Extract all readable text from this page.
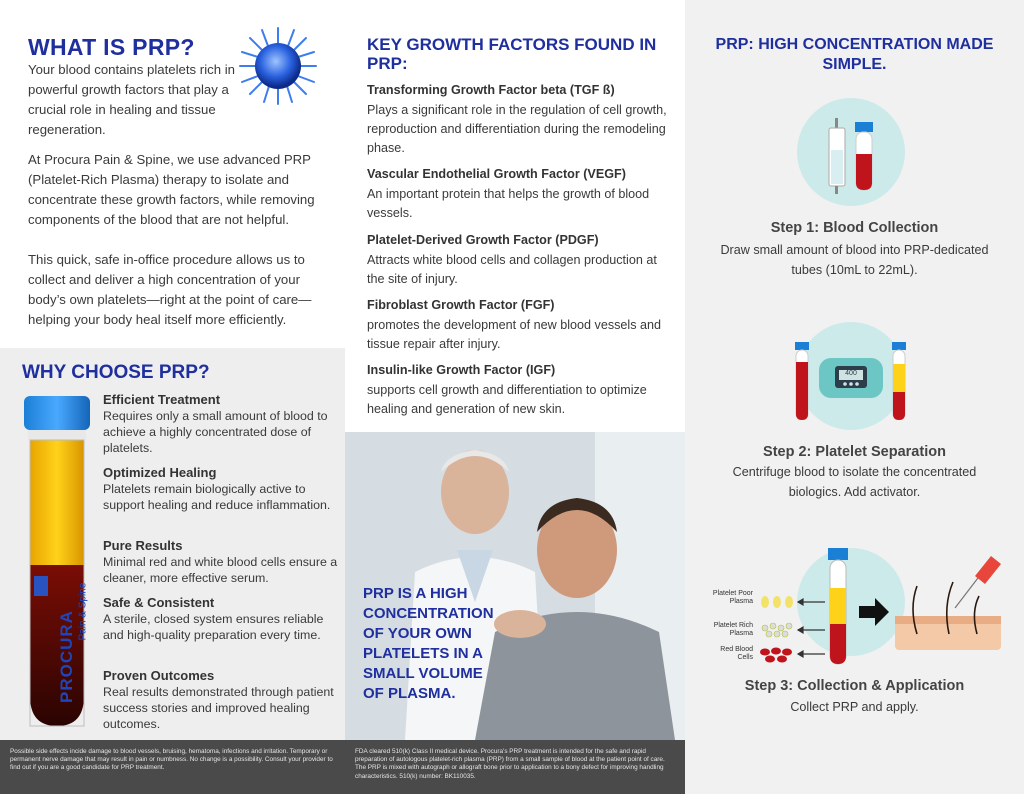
WHAT IS PRP?

Your blood contains platelets rich in powerful growth factors that play a crucial role in healing and tissue regeneration.

At Procura Pain & Spine, we use advanced PRP (Platelet-Rich Plasma) therapy to isolate and concentrate these growth factors, while removing components of the blood that are not helpful.

This quick, safe in-office procedure allows us to collect and deliver a high concentration of your body’s own platelets—right at the point of care—helping your body heal itself more efficiently.

WHY CHOOSE PRP?
PROCURA Pain & Spine
Efficient Treatment

Requires only a small amount of blood to achieve a highly concentrated dose of platelets.

Optimized Healing

Platelets remain biologically active to support healing and reduce inflammation.

Pure Results

Minimal red and white blood cells ensure a cleaner, more effective serum.

Safe & Consistent

A sterile, closed system ensures reliable and high-quality preparation every time.

Proven Outcomes

Real results demonstrated through patient success stories and improved healing outcomes.

Possible side effects incide damage to blood vessels, bruising, hematoma, infections and irritation. Temporary or permanent nerve damage that may result in pain or numbness. No change is a possibility. Consult your provider to find out if you are a good candidate for PRP treatment.
KEY GROWTH FACTORS FOUND IN PRP:
Transforming Growth Factor beta (TGF ß)

Plays a significant role in the regulation of cell growth, reproduction and differentiation during the remodeling phase.

Vascular Endothelial Growth Factor (VEGF)

An important protein that helps the growth of blood vessels.

Platelet-Derived Growth Factor (PDGF)

Attracts white blood cells and collagen production at the site of injury.

Fibroblast Growth Factor (FGF)

promotes the development of new blood vessels and tissue repair after injury.

Insulin-like Growth Factor (IGF)

supports cell growth and differentiation to optimize healing and generation of new skin.

PRP IS A HIGH CONCENTRATION OF YOUR OWN PLATELETS IN A SMALL VOLUME OF PLASMA.
FDA cleared 510(k) Class II medical device. Procura's PRP treatment is intended for the safe and rapid preparation of autologous platelet-rich plasma (PRP) from a small sample of blood at the patient point of care. The PRP is mixed with autograph or allograft bone prior to application to a bony defect for improving handling characteristics. 510(k) number: BK110035.
PRP: HIGH CONCENTRATION MADE SIMPLE.
Step 1: Blood Collection
Draw small amount of blood into PRP-dedicated tubes (10mL to 22mL).
400
Step 2: Platelet Separation
Centrifuge blood to isolate the concentrated biologics. Add activator.
Platelet Poor Plasma
Platelet Rich Plasma
Red Blood Cells
Step 3: Collection & Application
Collect PRP and apply.
